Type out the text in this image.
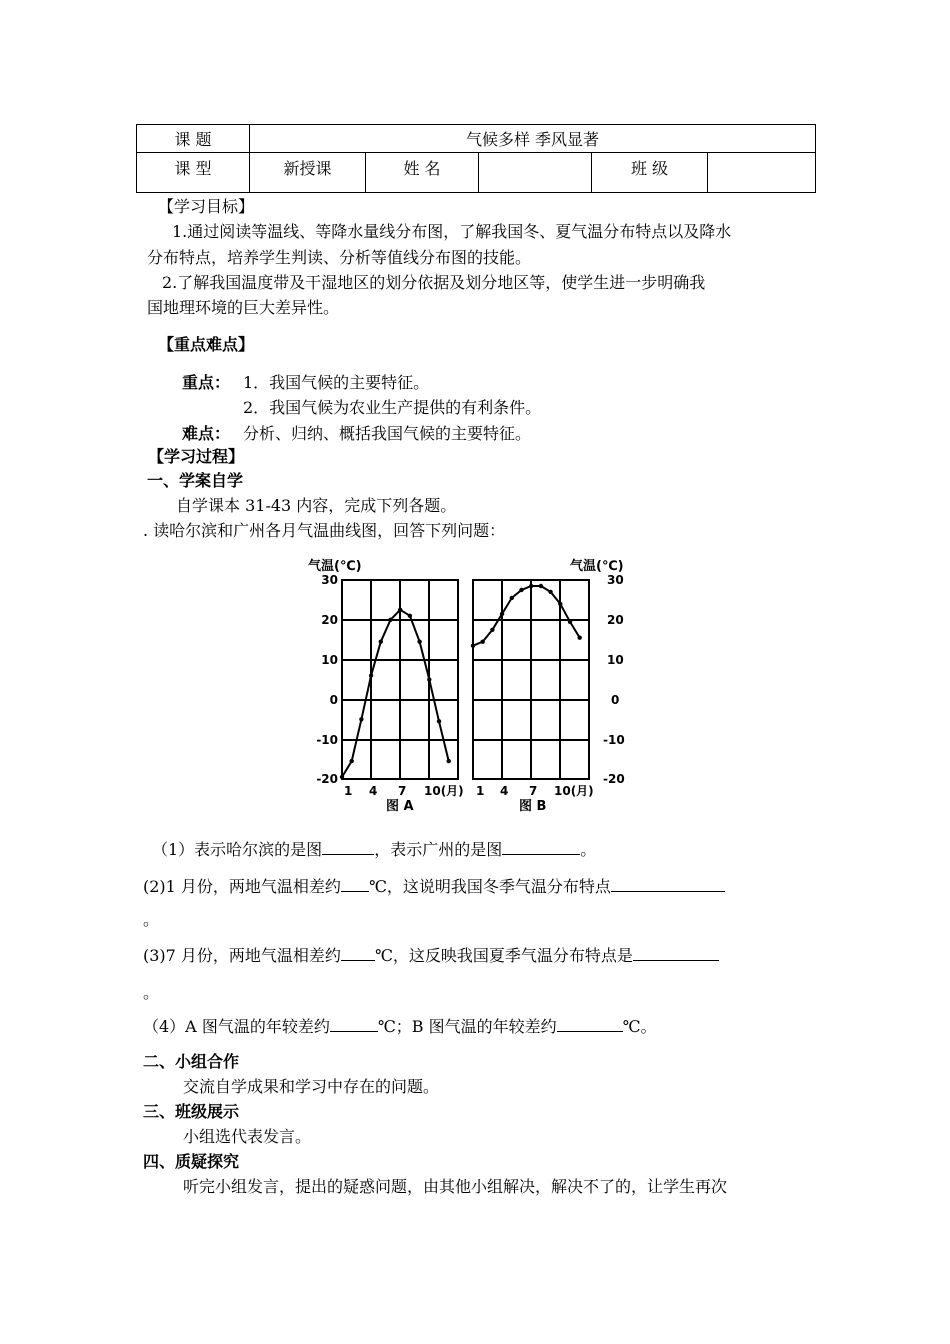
课 题	气候多样 季风显著				
课 型	新授课	姓 名		班 级	
【学习目标】
1.通过阅读等温线、等降水量线分布图，了解我国冬、夏气温分布特点以及降水
分布特点，培养学生判读、分析等值线分布图的技能。
2.了解我国温度带及干湿地区的划分依据及划分地区等，使学生进一步明确我
国地理环境的巨大差异性。
【重点难点】
重点： 1．我国气候的主要特征。
2．我国气候为农业生产提供的有利条件。
难点： 分析、归纳、概括我国气候的主要特征。
【学习过程】
一、学案自学
自学课本 31-43 内容，完成下列各题。
. 读哈尔滨和广州各月气温曲线图，回答下列问题：
气温(℃)
30
20
10
0
-10
-20
1 4 7 10(月)
图 A
气温(℃)
30
20
10
0
-10
-20
1 4 7 10(月)
图 B
（1）表示哈尔滨的是图	，表示广州的是图	。
(2)1 月份，两地气温相差约 ℃，这说明我国冬季气温分布特点
。
(3)7 月份，两地气温相差约 ℃，这反映我国夏季气温分布特点是
。
（4）A 图气温的年较差约	℃；B 图气温的年较差约	℃。
二、小组合作
交流自学成果和学习中存在的问题。
三、班级展示
小组选代表发言。
四、质疑探究
听完小组发言，提出的疑惑问题，由其他小组解决，解决不了的，让学生再次
